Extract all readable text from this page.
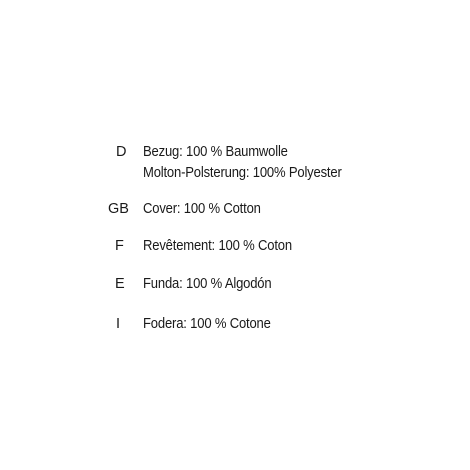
D	Bezug: 100 % Baumwolle
Molton-Polsterung: 100% Polyester
GB Cover: 100 % Cotton
F	Revêtement: 100 % Coton
E	Funda: 100 % Algodón
I	Fodera: 100 % Cotone
